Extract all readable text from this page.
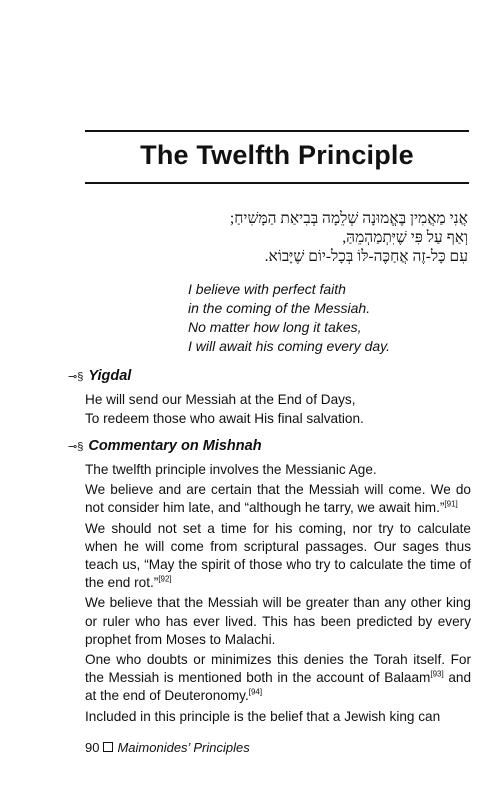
The Twelfth Principle
אֲנִי מַאֲמִין בֶּאֱמוּנָה שְׁלֵמָה בְּבִיאַת הַמָּשִׁיחַ;
וְאַף עַל פִּי שֶׁיִּתְמַהְמֵהַּ,
עִם כָּל-זֶה אֲחַכֶּה-לּוֹ בְּכָל-יוֹם שֶׁיָּבוֹא.
I believe with perfect faith
in the coming of the Messiah.
No matter how long it takes,
I will await his coming every day.
⊸§ Yigdal
He will send our Messiah at the End of Days,
To redeem those who await His final salvation.
⊸§ Commentary on Mishnah

The twelfth principle involves the Messianic Age.

We believe and are certain that the Messiah will come. We do not consider him late, and “although he tarry, we await him.”[91]

We should not set a time for his coming, nor try to calculate when he will come from scriptural passages. Our sages thus teach us, “May the spirit of those who try to calculate the time of the end rot.”[92]

We believe that the Messiah will be greater than any other king or ruler who has ever lived. This has been predicted by every prophet from Moses to Malachi.

One who doubts or minimizes this denies the Torah itself. For the Messiah is mentioned both in the account of Balaam[93] and at the end of Deuteronomy.[94]

Included in this principle is the belief that a Jewish king can

90 Maimonides’ Principles
